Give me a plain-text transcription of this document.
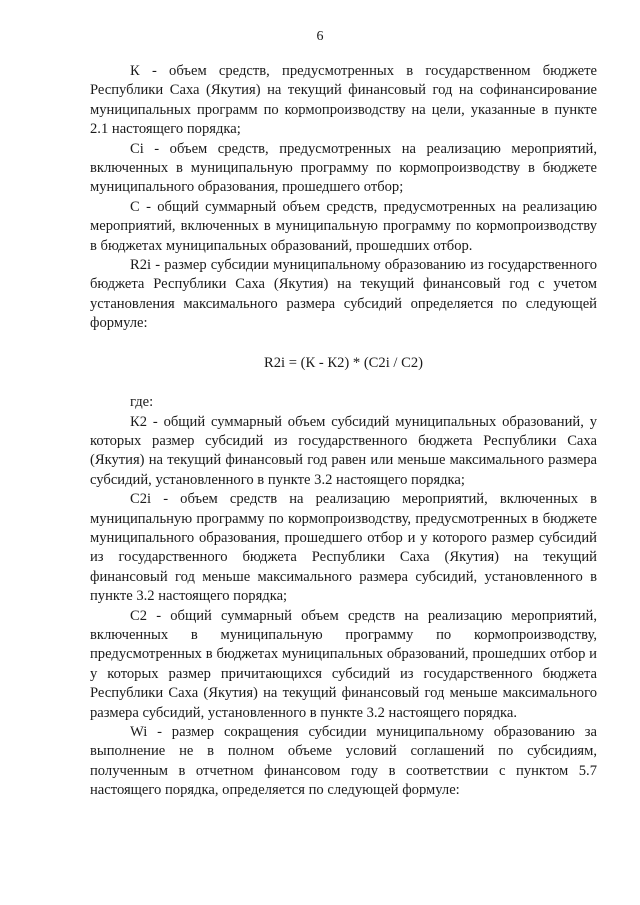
6

К - объем средств, предусмотренных в государственном бюджете Республики Саха (Якутия) на текущий финансовый год на софинансирование муниципальных программ по кормопроизводству на цели, указанные в пункте 2.1 настоящего порядка;

Ci - объем средств, предусмотренных на реализацию мероприятий, включенных в муниципальную программу по кормопроизводству в бюджете муниципального образования, прошедшего отбор;

С - общий суммарный объем средств, предусмотренных на реализацию мероприятий, включенных в муниципальную программу по кормопроизводству в бюджетах муниципальных образований, прошедших отбор.

R2i - размер субсидии муниципальному образованию из государственного бюджета Республики Саха (Якутия) на текущий финансовый год с учетом установления максимального размера субсидий определяется по следующей формуле:

R2i = (К - К2) * (С2i / С2)

где:

К2 - общий суммарный объем субсидий муниципальных образований, у которых размер субсидий из государственного бюджета Республики Саха (Якутия) на текущий финансовый год равен или меньше максимального размера субсидий, установленного в пункте 3.2 настоящего порядка;

С2i - объем средств на реализацию мероприятий, включенных в муниципальную программу по кормопроизводству, предусмотренных в бюджете муниципального образования, прошедшего отбор и у которого размер субсидий из государственного бюджета Республики Саха (Якутия) на текущий финансовый год меньше максимального размера субсидий, установленного в пункте 3.2 настоящего порядка;

С2 - общий суммарный объем средств на реализацию мероприятий, включенных в муниципальную программу по кормопроизводству, предусмотренных в бюджетах муниципальных образований, прошедших отбор и у которых размер причитающихся субсидий из государственного бюджета Республики Саха (Якутия) на текущий финансовый год меньше максимального размера субсидий, установленного в пункте 3.2 настоящего порядка.

Wi - размер сокращения субсидии муниципальному образованию за выполнение не в полном объеме условий соглашений по субсидиям, полученным в отчетном финансовом году в соответствии с пунктом 5.7 настоящего порядка, определяется по следующей формуле:
